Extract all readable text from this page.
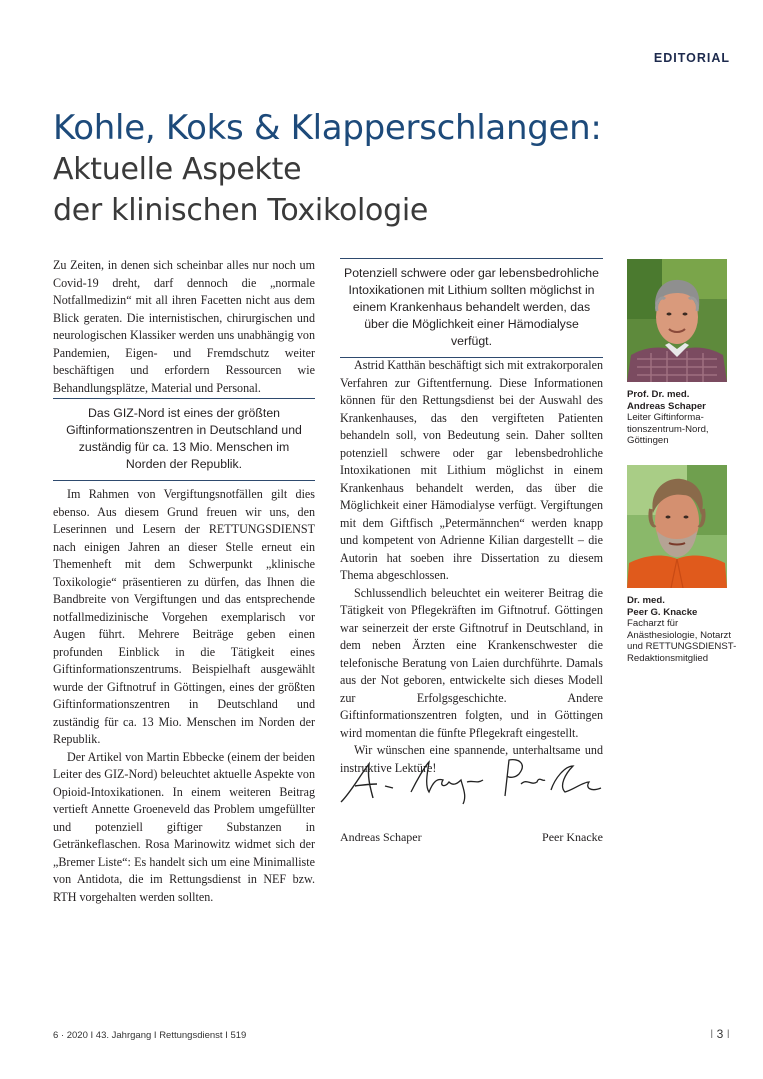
EDITORIAL
Kohle, Koks & Klapperschlangen:
Aktuelle Aspekte
der klinischen Toxikologie

Zu Zeiten, in denen sich scheinbar alles nur noch um Covid-19 dreht, darf dennoch die „normale Notfallmedizin“ mit all ihren Facetten nicht aus dem Blick geraten. Die internistischen, chirurgischen und neurologischen Klassiker werden uns unabhängig von Pandemien, Eigen- und Fremdschutz weiter beschäftigen und erfordern Ressourcen wie Behandlungsplätze, Material und Personal.

Das GIZ-Nord ist eines der größten Giftinformationszentren in Deutschland und zuständig für ca. 13 Mio. Menschen im Norden der Republik.

Im Rahmen von Vergiftungsnotfällen gilt dies ebenso. Aus diesem Grund freuen wir uns, den Leserinnen und Lesern der RETTUNGSDIENST nach einigen Jahren an dieser Stelle erneut ein Themenheft mit dem Schwerpunkt „klinische Toxikologie“ präsentieren zu dürfen, das Ihnen die Bandbreite von Vergiftungen und das entsprechende notfallmedizinische Vorgehen exemplarisch vor Augen führt. Mehrere Beiträge geben einen profunden Einblick in die Tätigkeit eines Giftinformationszentrums. Beispielhaft ausgewählt wurde der Giftnotruf in Göttingen, eines der größten Giftinformationszentren in Deutschland und zuständig für ca. 13 Mio. Menschen im Norden der Republik.

Der Artikel von Martin Ebbecke (einem der beiden Leiter des GIZ-Nord) beleuchtet aktuelle Aspekte von Opioid-Intoxikationen. In einem weiteren Beitrag vertieft Annette Groeneveld das Problem umgefüllter und potenziell giftiger Substanzen in Getränkeflaschen. Rosa Marinowitz widmet sich der „Bremer Liste“: Es handelt sich um eine Minimalliste von Antidota, die im Rettungsdienst in NEF bzw. RTH vorgehalten werden sollten.

Potenziell schwere oder gar lebensbedrohliche Intoxikationen mit Lithium sollten möglichst in einem Krankenhaus behandelt werden, das über die Möglichkeit einer Hämodialyse verfügt.

Astrid Katthän beschäftigt sich mit extrakorporalen Verfahren zur Giftentfernung. Diese Informationen können für den Rettungsdienst bei der Auswahl des Krankenhauses, das den vergifteten Patienten behandeln soll, von Bedeutung sein. Daher sollten potenziell schwere oder gar lebensbedrohliche Intoxikationen mit Lithium möglichst in einem Krankenhaus behandelt werden, das über die Möglichkeit einer Hämodialyse verfügt. Vergiftungen mit dem Giftfisch „Petermännchen“ werden knapp und kompetent von Adrienne Kilian dargestellt – die Autorin hat soeben ihre Dissertation zu diesem Thema abgeschlossen.

Schlussendlich beleuchtet ein weiterer Beitrag die Tätigkeit von Pflegekräften im Giftnotruf. Göttingen war seinerzeit der erste Giftnotruf in Deutschland, in dem neben Ärzten eine Krankenschwester die telefonische Beratung von Laien durchführte. Damals aus der Not geboren, entwickelte sich dieses Modell zur Erfolgsgeschichte. Andere Giftinformationszentren folgten, und in Göttingen wird momentan die fünfte Pflegekraft eingestellt.

Wir wünschen eine spannende, unterhaltsame und instruktive Lektüre!

Andreas Schaper	Peer Knacke
Prof. Dr. med.
Andreas Schaper
Leiter Giftinforma-tionszentrum-Nord, Göttingen
Dr. med.
Peer G. Knacke
Facharzt für Anästhesiologie, Notarzt und RETTUNGSDIENST-Redaktionsmitglied
6 · 2020 I 43. Jahrgang I Rettungsdienst I 519	I 3 I
